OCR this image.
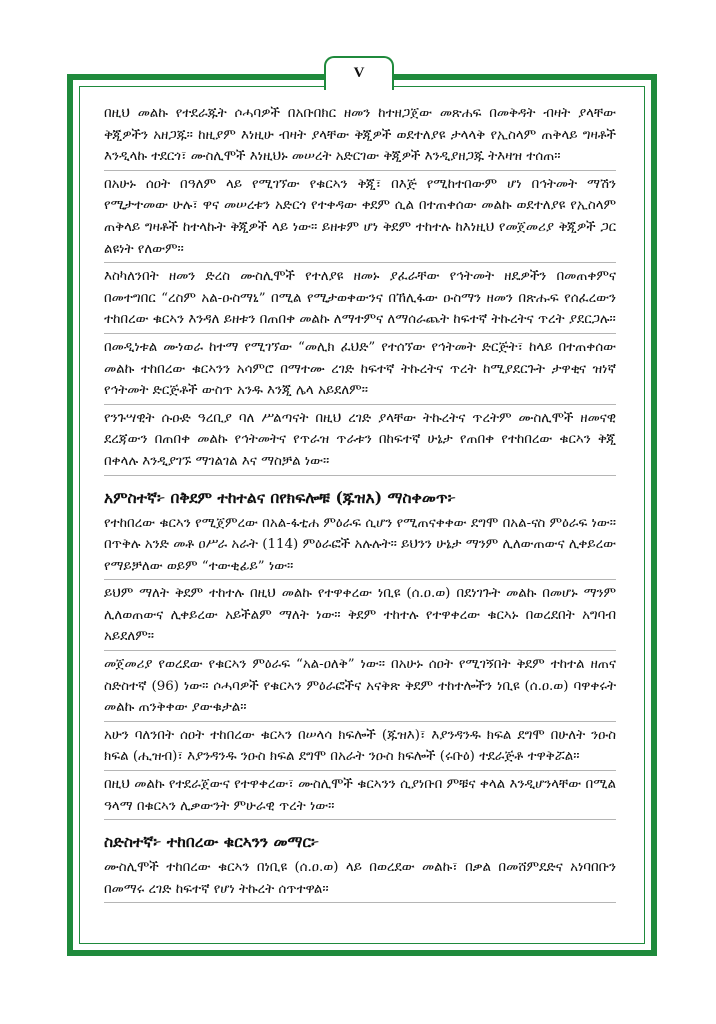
V

በዚህ መልኩ የተደራጁት ሶሓባዎች በአቡበክር ዘመን ከተዘጋጀው መጽሐፍ በመቅዳት ብዛት ያላቸው ቅጂዎችን አዘጋጁ። ከዚያም እነዚሁ ብዛት ያላቸው ቅጂዎች ወደተለያዩ ታላላቅ የኢስላም ጠቅላይ ግዛቶች እንዲላኩ ተደርጎ፣ ሙስሊሞች እነዚህኑ መሠረት አድርገው ቅጂዎች እንዲያዘጋጁ ትእዛዝ ተሰጠ።

በአሁኑ ሰዐት በዓለም ላይ የሚገኘው የቁርኣን ቅጂ፣ በእጅ የሚከተበውም ሆነ በኅትመት ማሽን የሚታተመው ሁሉ፣ ዋና መሠረቱን አድርጎ የተቀዳው ቀደም ሲል በተጠቀሰው መልኩ ወደተለያዩ የኢስላም ጠቅላይ ግዛቶች ከተላኩት ቅጂዎች ላይ ነው። ይዘቱም ሆነ ቅደም ተከተሉ ከእነዚህ የመጀመሪያ ቅጂዎች ጋር ልዩነት የለውም።

እስካለንበት ዘመን ድረስ ሙስሊሞች የተለያዩ ዘመኑ ያፈራቸው የኅትመት ዘዴዎችን በመጠቀምና በመተግበር “ረስም አል-ዑስማኒ” በሚል የሚታወቀውንና በኸሊፋው ዑስማን ዘመን በጽሑፍ የሰፈረውን ተከበረው ቁርኣን እንዳለ ይዘቱን በጠበቀ መልኩ ለማተምና ለማሰራጨት ከፍተኛ ትኩረትና ጥረት ያደርጋሉ።

በመዲነቱል ሙነወራ ከተማ የሚገኘው “መሊክ ፈህድ” የተሰኘው የኅትመት ድርጅት፣ ከላይ በተጠቀሰው መልኩ ተከበረው ቁርኣንን አሳምሮ በማተሙ ረገድ ከፍተኛ ትኩረትና ጥረት ከሚያደርጉት ታዋቂና ዝነኛ የኅትመት ድርጅቶች ውስጥ አንዱ እንጂ ሌላ አይደለም።

የንጉሣዊት ሱዑድ ዓረቢያ ባለ ሥልጣናት በዚህ ረገድ ያላቸው ትኩረትና ጥረትም ሙስሊሞች ዘመናዊ ደረጃውን በጠበቀ መልኩ የኅትመትና የጥራዝ ጥራቱን በከፍተኛ ሁኔታ የጠበቀ የተከበረው ቁርኣን ቅጂ በቀላሉ እንዲያገኙ ማገልገል እና ማስቻል ነው።

አምስተኛ፦ በቅደም ተከተልና በየክፍሎቹ (ጁዝእ) ማስቀመጥ፦

የተከበረው ቁርኣን የሚጀምረው በአል-ፋቲሐ ምዕራፍ ሲሆን የሚጠናቀቀው ደግሞ በአል-ናስ ምዕራፍ ነው። በጥቅሉ አንድ መቶ ዐሥራ አራት (114) ምዕራፎች አሉሉት። ይህንን ሁኔታ ማንም ሊለውጠውና ሊቀይረው የማይቻለው ወይም “ተውቂፊይ” ነው።

ይህም ማለት ቅደም ተከተሉ በዚህ መልኩ የተዋቀረው ነቢዩ (ሰ.ዐ.ወ) በደነገጉት መልኩ በመሆኑ ማንም ሊለወጠውና ሊቀይረው አይችልም ማለት ነው። ቅደም ተከተሉ የተዋቀረው ቁርኣኑ በወረደበት አግባብ አይደለም።

መጀመሪያ የወረደው የቁርኣን ምዕራፍ “አል-ዐለቅ” ነው። በአሁኑ ሰዐት የሚገኝበት ቅደም ተከተል ዘጠና ስድስተኛ (96) ነው። ሶሓባዎች የቁርኣን ምዕራፎችና አናቅጽ ቅደም ተከተሎችን ነቢዩ (ሰ.ዐ.ወ) ባዋቀሩት መልኩ ጠንቅቀው ያውቁታል።

አሁን ባለንበት ሰዐት ተከበረው ቁርኣን በሠላሳ ክፍሎች (ጁዝእ)፣ እያንዳንዱ ክፍል ደግሞ በሁለት ንዑስ ክፍል (ሒዝብ)፣ እያንዳንዱ ንዑስ ክፍል ደግሞ በአራት ንዑስ ክፍሎች (ሩቡዕ) ተደራጅቶ ተዋቅሯል።

በዚህ መልኩ የተደራጀውና የተዋቀረው፣ ሙስሊሞች ቁርኣንን ሲያነቡበ ምቹና ቀላል እንዲሆንላቸው በሚል ዓላማ በቁርኣን ሊቃውንት ምሁራዊ ጥረት ነው።

ስድስተኛ፦ ተከበረው ቁርኣንን መማር፦

ሙስሊሞች ተከበረው ቁርኣን በነቢዩ (ሰ.ዐ.ወ) ላይ በወረደው መልኩ፣ በቃል በመሸምደድና አነባበቡን በመማሩ ረገድ ከፍተኛ የሆነ ትኩረት ሰጥተዋል።
